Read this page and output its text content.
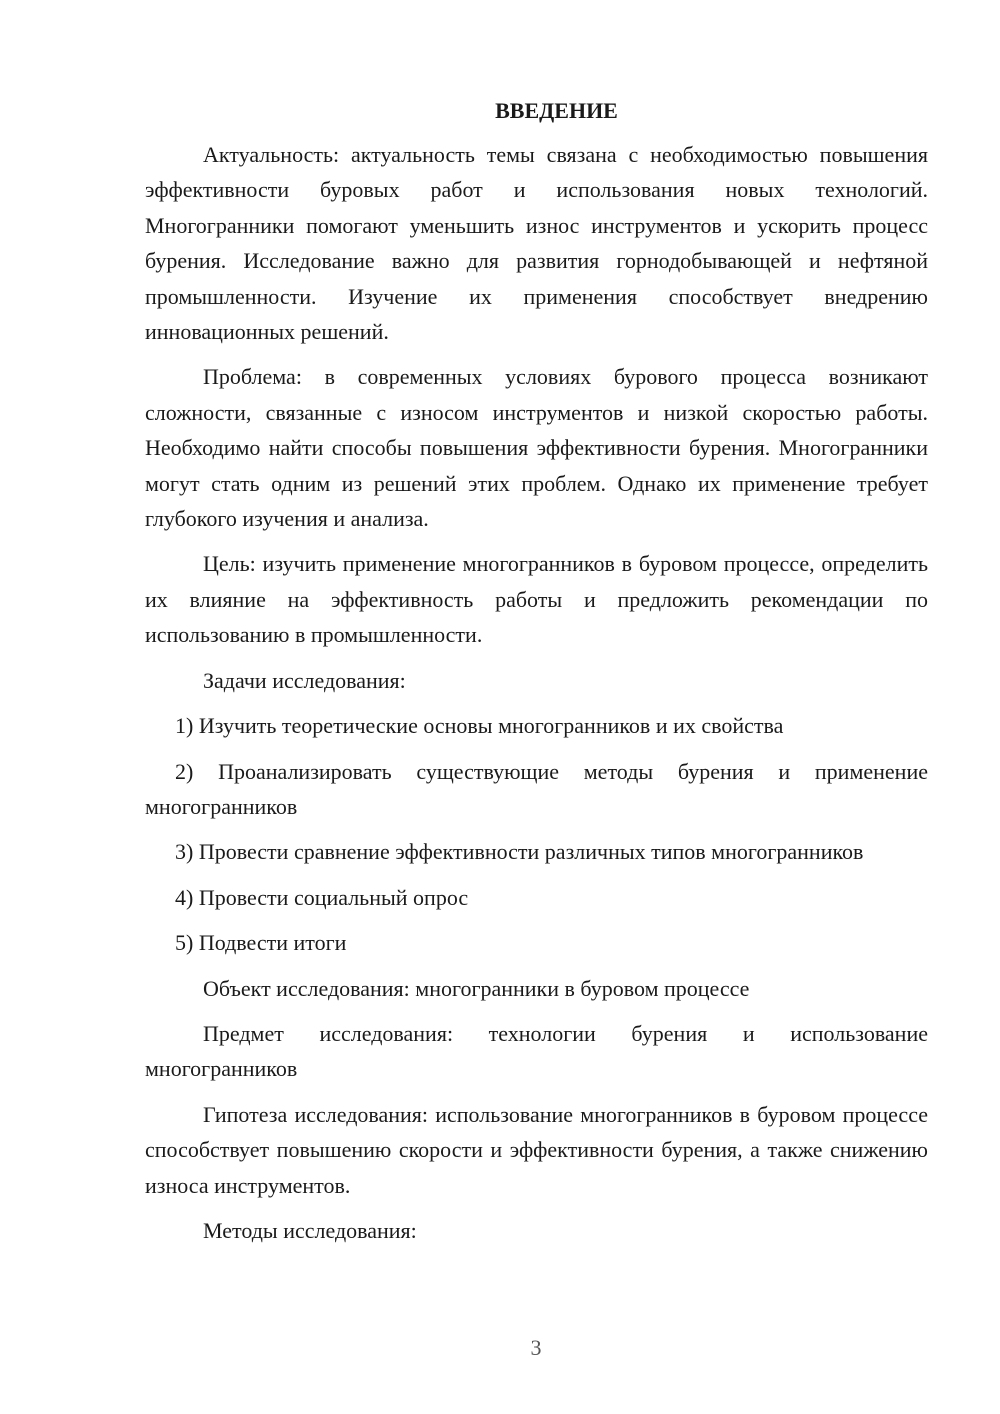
ВВЕДЕНИЕ

Актуальность: актуальность темы связана с необходимостью повышения эффективности буровых работ и использования новых технологий. Многогранники помогают уменьшить износ инструментов и ускорить процесс бурения. Исследование важно для развития горнодобывающей и нефтяной промышленности. Изучение их применения способствует внедрению инновационных решений.

Проблема: в современных условиях бурового процесса возникают сложности, связанные с износом инструментов и низкой скоростью работы. Необходимо найти способы повышения эффективности бурения. Многогранники могут стать одним из решений этих проблем. Однако их применение требует глубокого изучения и анализа.

Цель: изучить применение многогранников в буровом процессе, определить их влияние на эффективность работы и предложить рекомендации по использованию в промышленности.

Задачи исследования:

1) Изучить теоретические основы многогранников и их свойства

2) Проанализировать существующие методы бурения и применение многогранников

3) Провести сравнение эффективности различных типов многогранников

4) Провести социальный опрос

5) Подвести итоги

Объект исследования: многогранники в буровом процессе

Предмет исследования: технологии бурения и использование многогранников

Гипотеза исследования: использование многогранников в буровом процессе способствует повышению скорости и эффективности бурения, а также снижению износа инструментов.

Методы исследования:

3
